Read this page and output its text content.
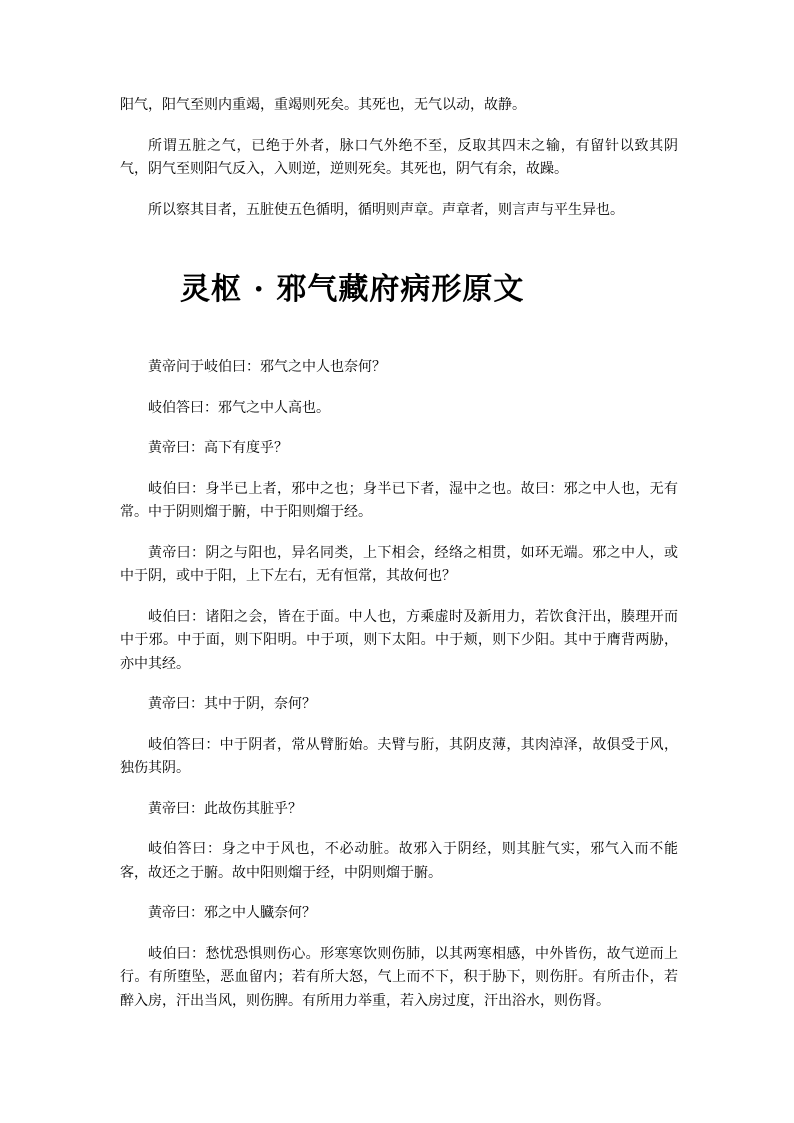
阳气，阳气至则内重竭，重竭则死矣。其死也，无气以动，故静。

所谓五脏之气，已绝于外者，脉口气外绝不至，反取其四末之输，有留针以致其阴气，阴气至则阳气反入，入则逆，逆则死矣。其死也，阴气有余，故躁。

所以察其目者，五脏使五色循明，循明则声章。声章者，则言声与平生异也。

灵枢 · 邪气藏府病形原文

黄帝问于岐伯曰：邪气之中人也奈何？

岐伯答曰：邪气之中人高也。

黄帝曰：高下有度乎？

岐伯曰：身半已上者，邪中之也；身半已下者，湿中之也。故曰：邪之中人也，无有常。中于阴则熘于腑，中于阳则熘于经。

黄帝曰：阴之与阳也，异名同类，上下相会，经络之相贯，如环无端。邪之中人，或中于阴，或中于阳，上下左右，无有恒常，其故何也？

岐伯曰：诸阳之会，皆在于面。中人也，方乘虚时及新用力，若饮食汗出，腠理开而中于邪。中于面，则下阳明。中于项，则下太阳。中于颊，则下少阳。其中于膺背两胁，亦中其经。

黄帝曰：其中于阴，奈何？

岐伯答曰：中于阴者，常从臂胻始。夫臂与胻，其阴皮薄，其肉淖泽，故俱受于风，独伤其阴。

黄帝曰：此故伤其脏乎？

岐伯答曰：身之中于风也，不必动脏。故邪入于阴经，则其脏气实，邪气入而不能客，故还之于腑。故中阳则熘于经，中阴则熘于腑。

黄帝曰：邪之中人臓奈何？

岐伯曰：愁忧恐惧则伤心。形寒寒饮则伤肺，以其两寒相感，中外皆伤，故气逆而上行。有所堕坠，恶血留内；若有所大怒，气上而不下，积于胁下，则伤肝。有所击仆，若醉入房，汗出当风，则伤脾。有所用力举重，若入房过度，汗出浴水，则伤肾。
